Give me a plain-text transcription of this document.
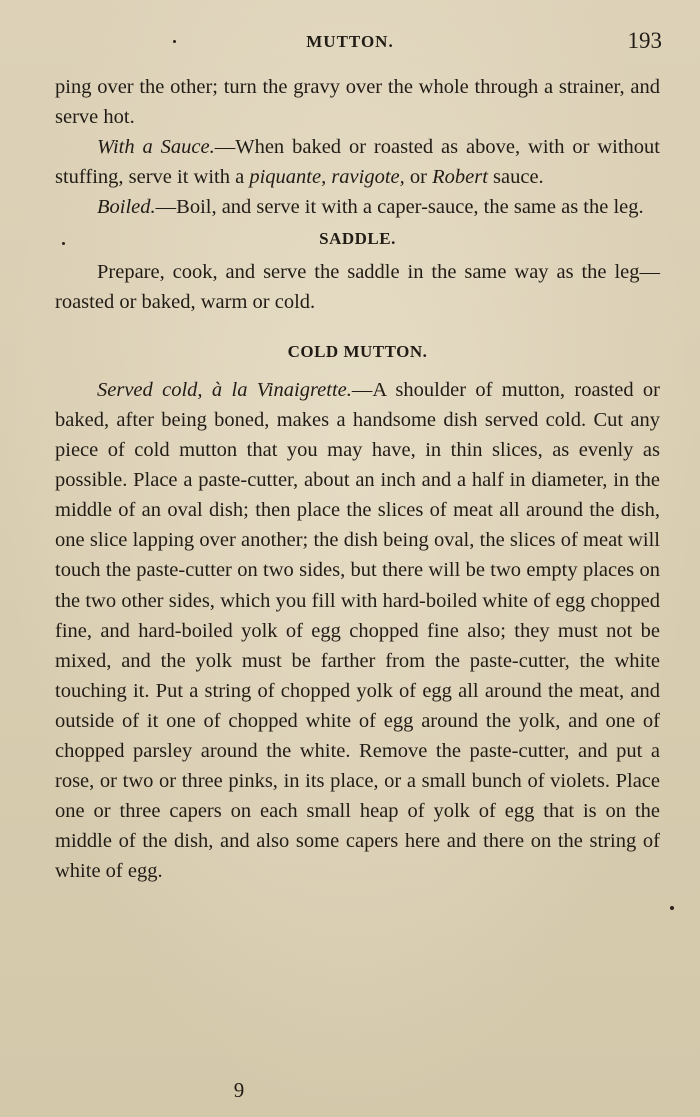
MUTTON.	193

ping over the other; turn the gravy over the whole through a strainer, and serve hot.

With a Sauce.—When baked or roasted as above, with or without stuffing, serve it with a piquante, ravigote, or Robert sauce.

Boiled.—Boil, and serve it with a caper-sauce, the same as the leg.

SADDLE.

Prepare, cook, and serve the saddle in the same way as the leg—roasted or baked, warm or cold.

COLD MUTTON.

Served cold, à la Vinaigrette.—A shoulder of mutton, roasted or baked, after being boned, makes a handsome dish served cold. Cut any piece of cold mutton that you may have, in thin slices, as evenly as possible. Place a paste-cutter, about an inch and a half in diameter, in the middle of an oval dish; then place the slices of meat all around the dish, one slice lapping over another; the dish being oval, the slices of meat will touch the paste-cutter on two sides, but there will be two empty places on the two other sides, which you fill with hard-boiled white of egg chopped fine, and hard-boiled yolk of egg chopped fine also; they must not be mixed, and the yolk must be farther from the paste-cutter, the white touching it. Put a string of chopped yolk of egg all around the meat, and outside of it one of chopped white of egg around the yolk, and one of chopped parsley around the white. Remove the paste-cutter, and put a rose, or two or three pinks, in its place, or a small bunch of violets. Place one or three capers on each small heap of yolk of egg that is on the middle of the dish, and also some capers here and there on the string of white of egg.

9
